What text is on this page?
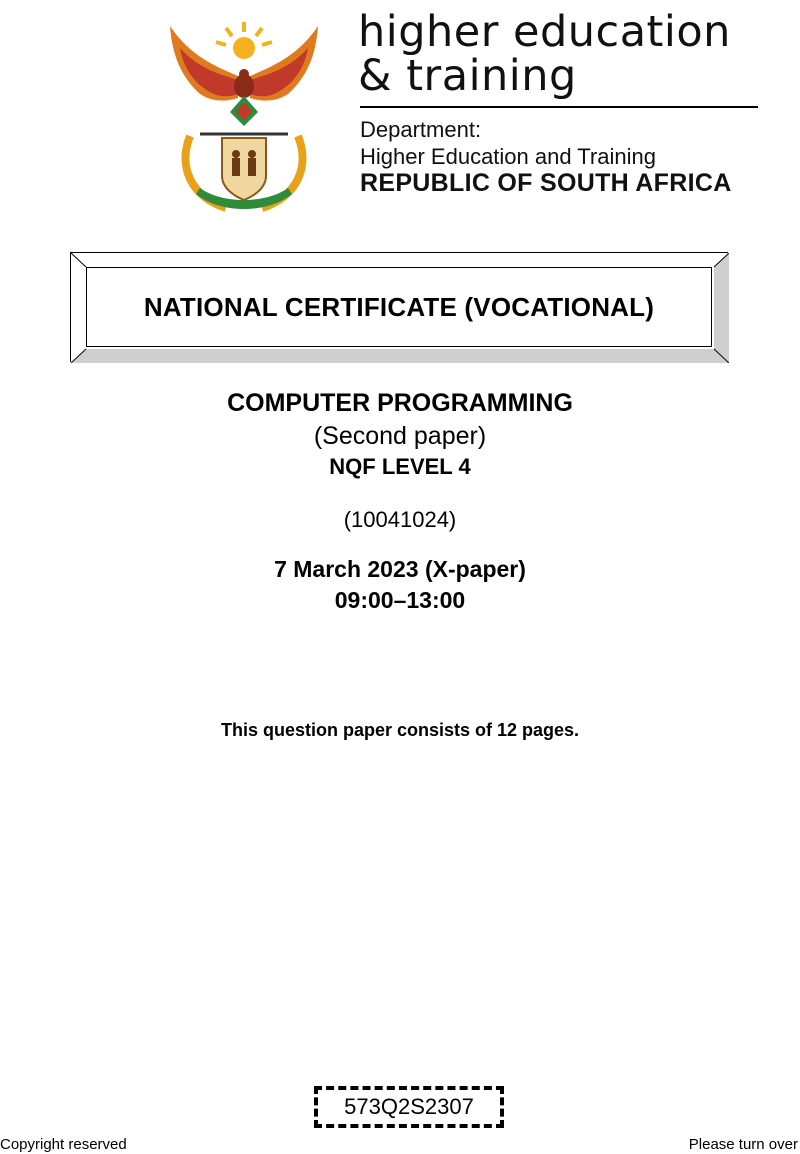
higher education
& training
Department:
Higher Education and Training
REPUBLIC OF SOUTH AFRICA
NATIONAL CERTIFICATE (VOCATIONAL)
COMPUTER PROGRAMMING
(Second paper)
NQF LEVEL 4
(10041024)
7 March 2023 (X-paper)
09:00–13:00
This question paper consists of 12 pages.
573Q2S2307
Copyright reserved	Please turn over
